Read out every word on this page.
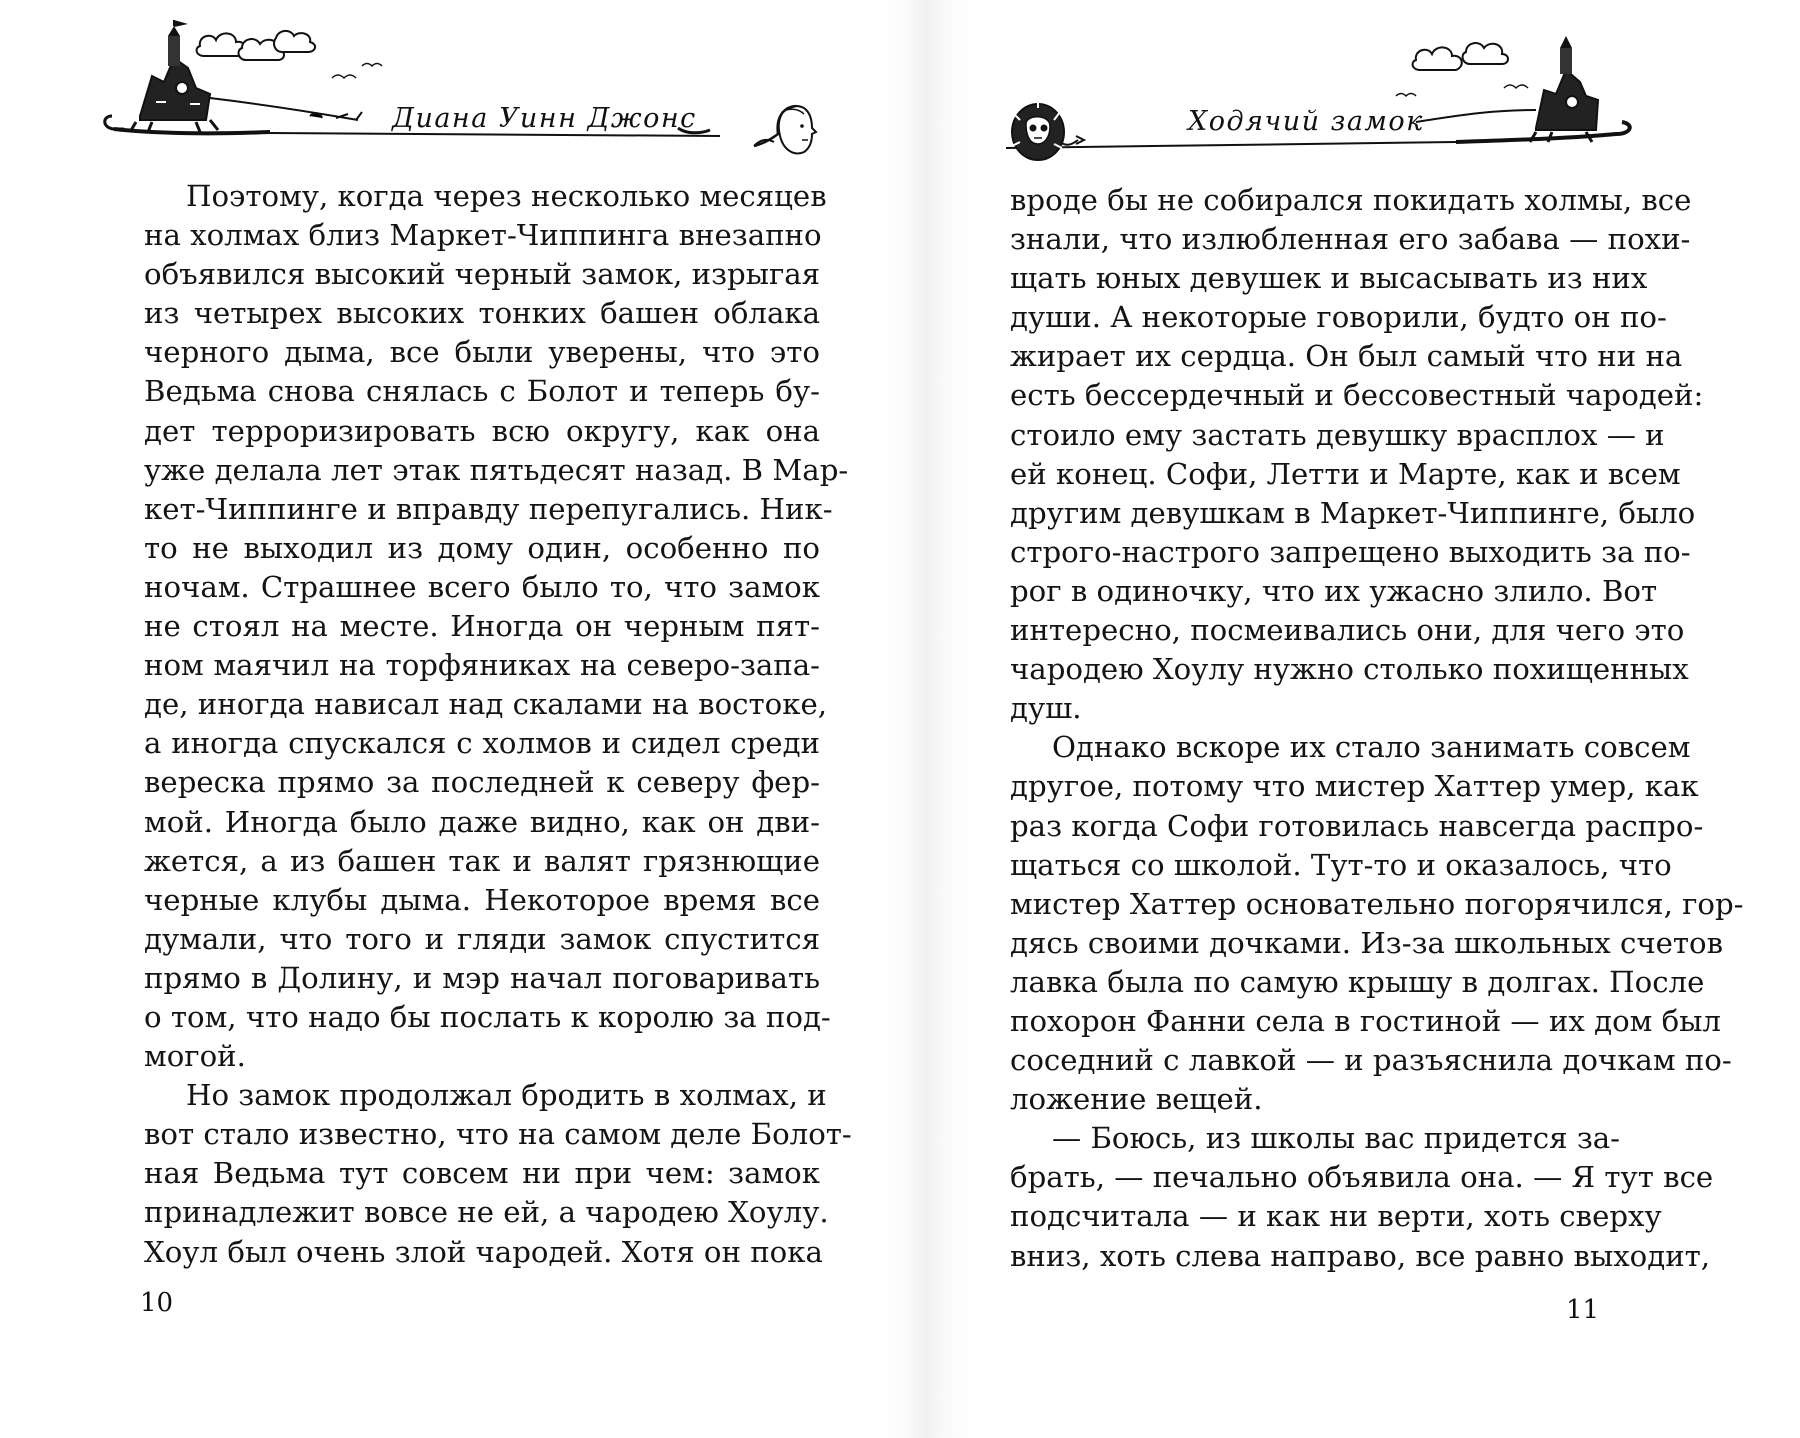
Диана Уинн Джонс
Поэтому, когда через несколько месяцев
на холмах близ Маркет-Чиппинга внезапно
объявился высокий черный замок, изрыгая
из четырех высоких тонких башен облака
черного дыма, все были уверены, что это
Ведьма снова снялась с Болот и теперь бу-
дет терроризировать всю округу, как она
уже делала лет этак пятьдесят назад. В Мар-
кет-Чиппинге и вправду перепугались. Ник-
то не выходил из дому один, особенно по
ночам. Страшнее всего было то, что замок
не стоял на месте. Иногда он черным пят-
ном маячил на торфяниках на северо-запа-
де, иногда нависал над скалами на востоке,
а иногда спускался с холмов и сидел среди
вереска прямо за последней к северу фер-
мой. Иногда было даже видно, как он дви-
жется, а из башен так и валят грязнющие
черные клубы дыма. Некоторое время все
думали, что того и гляди замок спустится
прямо в Долину, и мэр начал поговаривать
о том, что надо бы послать к королю за под-
могой.
Но замок продолжал бродить в холмах, и
вот стало известно, что на самом деле Болот-
ная Ведьма тут совсем ни при чем: замок
принадлежит вовсе не ей, а чародею Хоулу.
Хоул был очень злой чародей. Хотя он пока
10
Ходячий замок
вроде бы не собирался покидать холмы, все
знали, что излюбленная его забава — похи-
щать юных девушек и высасывать из них
души. А некоторые говорили, будто он по-
жирает их сердца. Он был самый что ни на
есть бессердечный и бессовестный чародей:
стоило ему застать девушку врасплох — и
ей конец. Софи, Летти и Марте, как и всем
другим девушкам в Маркет-Чиппинге, было
строго-настрого запрещено выходить за по-
рог в одиночку, что их ужасно злило. Вот
интересно, посмеивались они, для чего это
чародею Хоулу нужно столько похищенных
душ.
Однако вскоре их стало занимать совсем
другое, потому что мистер Хаттер умер, как
раз когда Софи готовилась навсегда распро-
щаться со школой. Тут-то и оказалось, что
мистер Хаттер основательно погорячился, гор-
дясь своими дочками. Из-за школьных счетов
лавка была по самую крышу в долгах. После
похорон Фанни села в гостиной — их дом был
соседний с лавкой — и разъяснила дочкам по-
ложение вещей.
— Боюсь, из школы вас придется за-
брать, — печально объявила она. — Я тут все
подсчитала — и как ни верти, хоть сверху
вниз, хоть слева направо, все равно выходит,
11
